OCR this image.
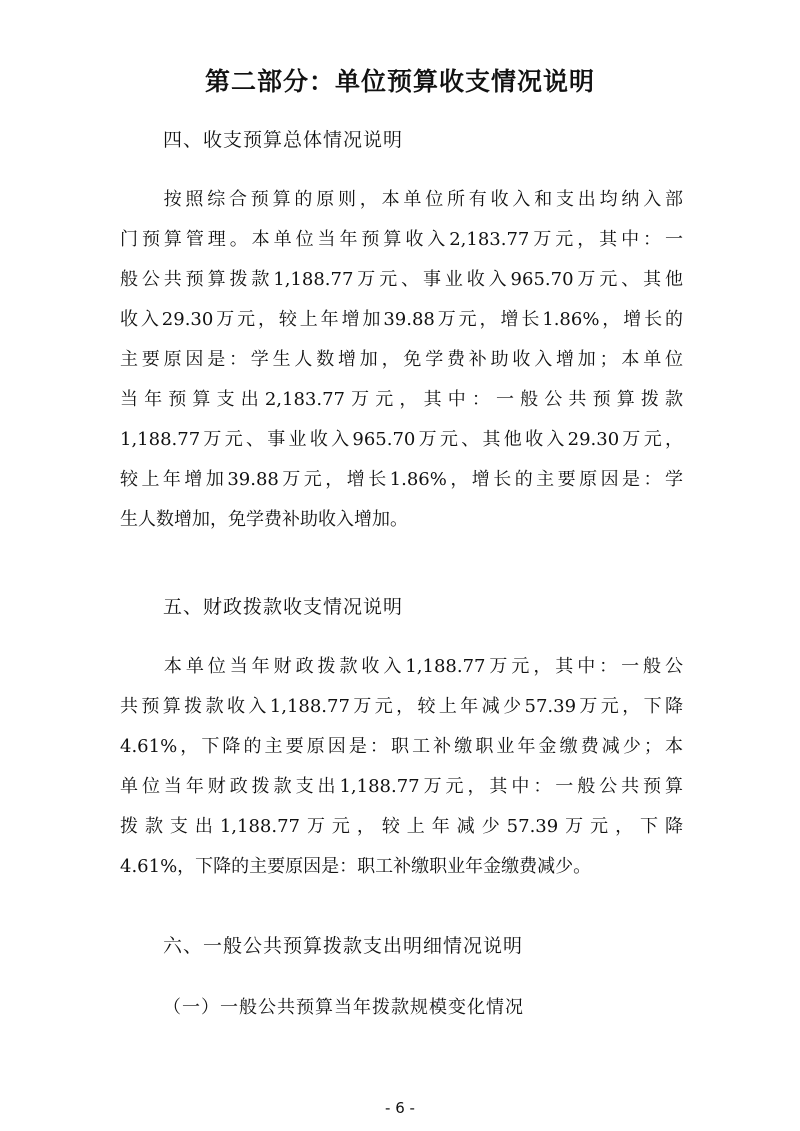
第二部分：单位预算收支情况说明
四、收支预算总体情况说明
　　按照综合预算的原则，本单位所有收入和支出均纳入部
门预算管理。本单位当年预算收入2,183.77万元，其中：一
般公共预算拨款1,188.77万元、事业收入965.70万元、其他
收入29.30万元，较上年增加39.88万元，增长1.86%，增长的
主要原因是：学生人数增加，免学费补助收入增加；本单位
当年预算支出2,183.77万元，其中：一般公共预算拨款
1,188.77万元、事业收入965.70万元、其他收入29.30万元，
较上年增加39.88万元，增长1.86%，增长的主要原因是：学
生人数增加，免学费补助收入增加。
五、财政拨款收支情况说明
　　本单位当年财政拨款收入1,188.77万元，其中：一般公
共预算拨款收入1,188.77万元，较上年减少57.39万元，下降
4.61%，下降的主要原因是：职工补缴职业年金缴费减少；本
单位当年财政拨款支出1,188.77万元，其中：一般公共预算
拨款支出1,188.77万元，较上年减少57.39万元，下降
4.61%，下降的主要原因是：职工补缴职业年金缴费减少。
六、一般公共预算拨款支出明细情况说明
（一）一般公共预算当年拨款规模变化情况
- 6 -
